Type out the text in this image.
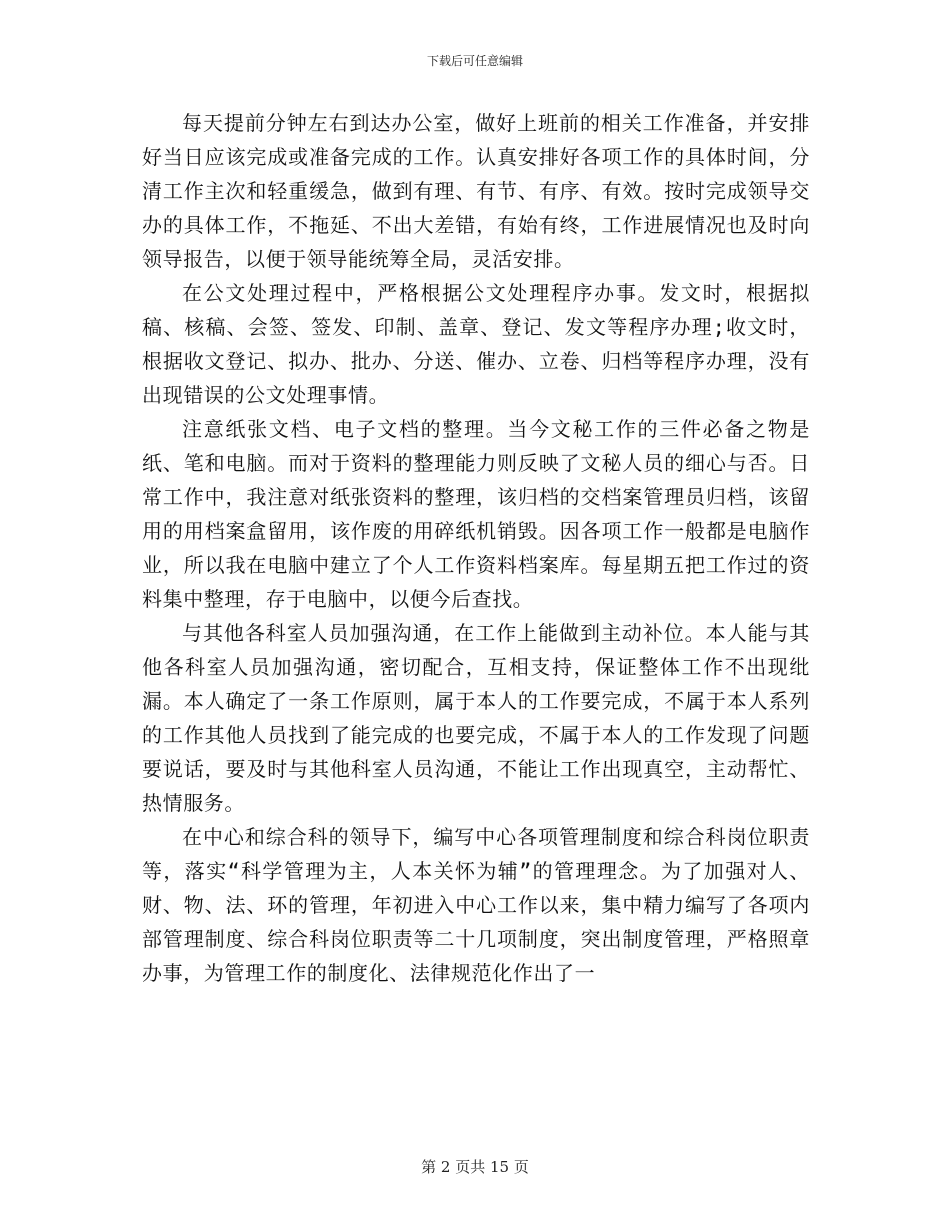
下载后可任意编辑

每天提前分钟左右到达办公室，做好上班前的相关工作准备，并安排好当日应该完成或准备完成的工作。认真安排好各项工作的具体时间，分清工作主次和轻重缓急，做到有理、有节、有序、有效。按时完成领导交办的具体工作，不拖延、不出大差错，有始有终，工作进展情况也及时向领导报告，以便于领导能统筹全局，灵活安排。

在公文处理过程中，严格根据公文处理程序办事。发文时，根据拟稿、核稿、会签、签发、印制、盖章、登记、发文等程序办理;收文时，根据收文登记、拟办、批办、分送、催办、立卷、归档等程序办理，没有出现错误的公文处理事情。

注意纸张文档、电子文档的整理。当今文秘工作的三件必备之物是纸、笔和电脑。而对于资料的整理能力则反映了文秘人员的细心与否。日常工作中，我注意对纸张资料的整理，该归档的交档案管理员归档，该留用的用档案盒留用，该作废的用碎纸机销毁。因各项工作一般都是电脑作业，所以我在电脑中建立了个人工作资料档案库。每星期五把工作过的资料集中整理，存于电脑中，以便今后查找。

与其他各科室人员加强沟通，在工作上能做到主动补位。本人能与其他各科室人员加强沟通，密切配合，互相支持，保证整体工作不出现纰漏。本人确定了一条工作原则，属于本人的工作要完成，不属于本人系列的工作其他人员找到了能完成的也要完成，不属于本人的工作发现了问题要说话，要及时与其他科室人员沟通，不能让工作出现真空，主动帮忙、热情服务。

在中心和综合科的领导下，编写中心各项管理制度和综合科岗位职责等，落实“科学管理为主，人本关怀为辅”的管理理念。为了加强对人、财、物、法、环的管理，年初进入中心工作以来，集中精力编写了各项内部管理制度、综合科岗位职责等二十几项制度，突出制度管理，严格照章办事，为管理工作的制度化、法律规范化作出了一

第 2 页共 15 页
